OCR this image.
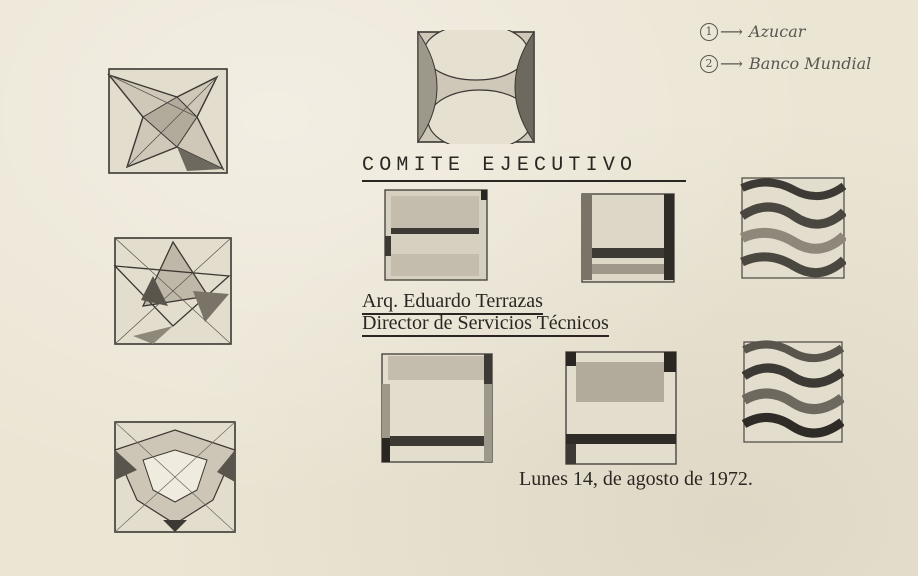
COMITE EJECUTIVO
Arq. Eduardo Terrazas
Director de Servicios Técnicos
Lunes 14, de agosto de 1972.
1 ⟶ Azucar
2 ⟶ Banco Mundial
